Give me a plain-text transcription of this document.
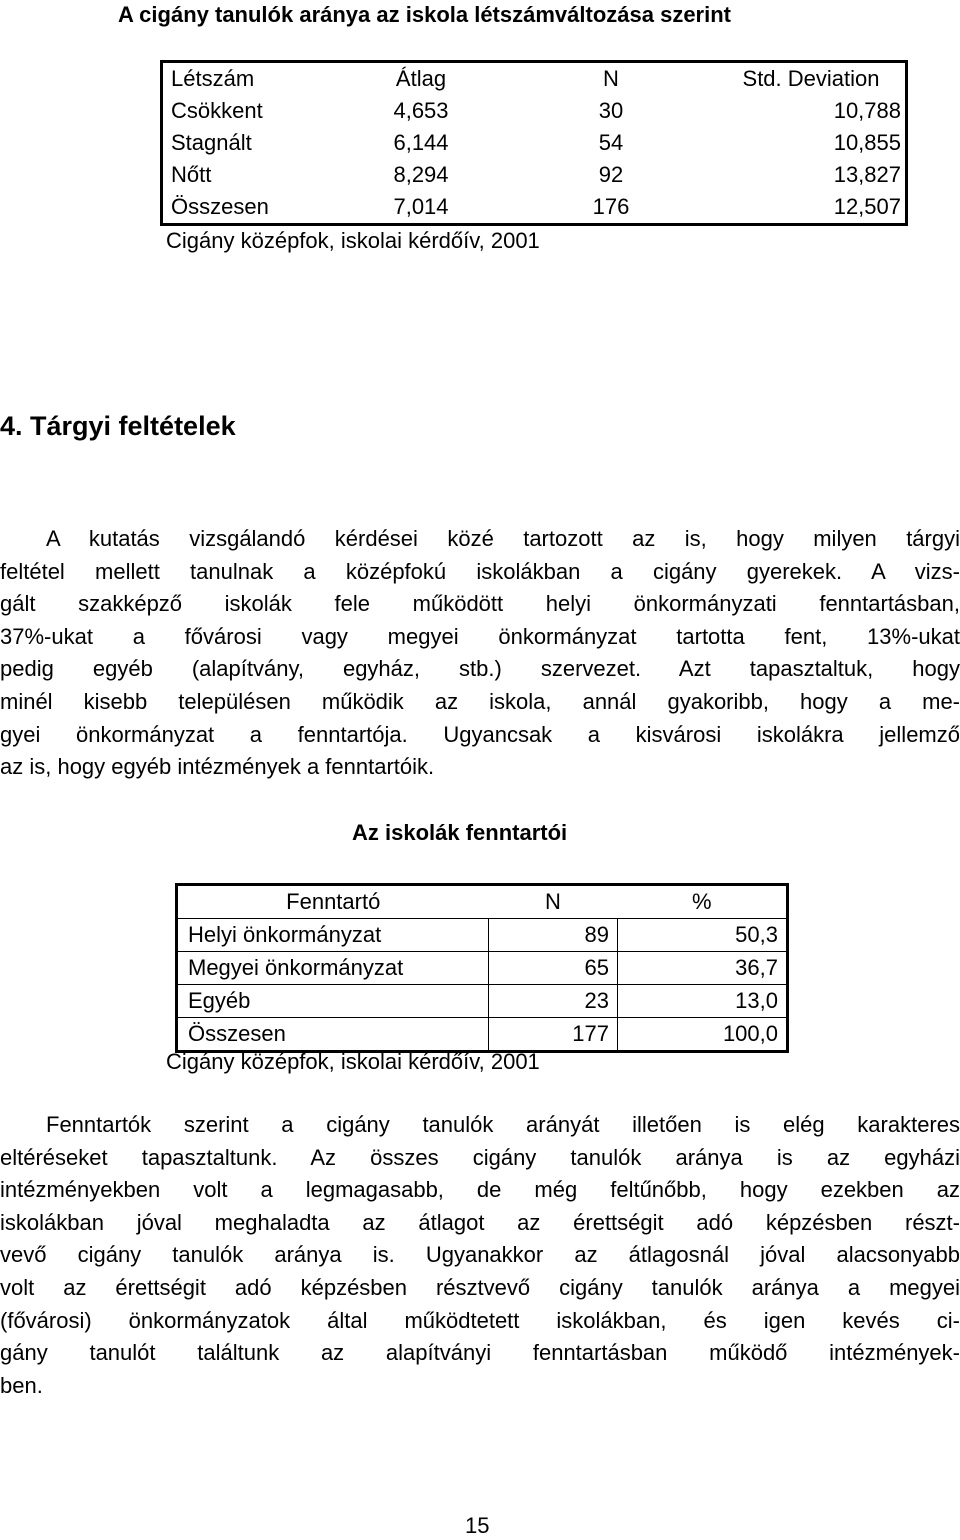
A cigány tanulók aránya az iskola létszámváltozása szerint
Létszám	Átlag	N	Std. Deviation
Csökkent	4,653	30	10,788
Stagnált	6,144	54	10,855
Nőtt	8,294	92	13,827
Összesen	7,014	176	12,507
Cigány középfok, iskolai kérdőív, 2001
4. Tárgyi feltételek
A kutatás vizsgálandó kérdései közé tartozott az is, hogy milyen tárgyi
feltétel mellett tanulnak a középfokú iskolákban a cigány gyerekek. A vizs-
gált szakképző iskolák fele működött helyi önkormányzati fenntartásban,
37%-ukat a fővárosi vagy megyei önkormányzat tartotta fent, 13%-ukat
pedig egyéb (alapítvány, egyház, stb.) szervezet. Azt tapasztaltuk, hogy
minél kisebb településen működik az iskola, annál gyakoribb, hogy a me-
gyei önkormányzat a fenntartója. Ugyancsak a kisvárosi iskolákra jellemző
az is, hogy egyéb intézmények a fenntartóik.
Az iskolák fenntartói
Fenntartó	N	%
Helyi önkormányzat	89	50,3
Megyei önkormányzat	65	36,7
Egyéb	23	13,0
Összesen	177	100,0
Cigány középfok, iskolai kérdőív, 2001
Fenntartók szerint a cigány tanulók arányát illetően is elég karakteres
eltéréseket tapasztaltunk. Az összes cigány tanulók aránya is az egyházi
intézményekben volt a legmagasabb, de még feltűnőbb, hogy ezekben az
iskolákban jóval meghaladta az átlagot az érettségit adó képzésben részt-
vevő cigány tanulók aránya is. Ugyanakkor az átlagosnál jóval alacsonyabb
volt az érettségit adó képzésben résztvevő cigány tanulók aránya a megyei
(fővárosi) önkormányzatok által működtetett iskolákban, és igen kevés ci-
gány tanulót találtunk az alapítványi fenntartásban működő intézmények-
ben.
15
